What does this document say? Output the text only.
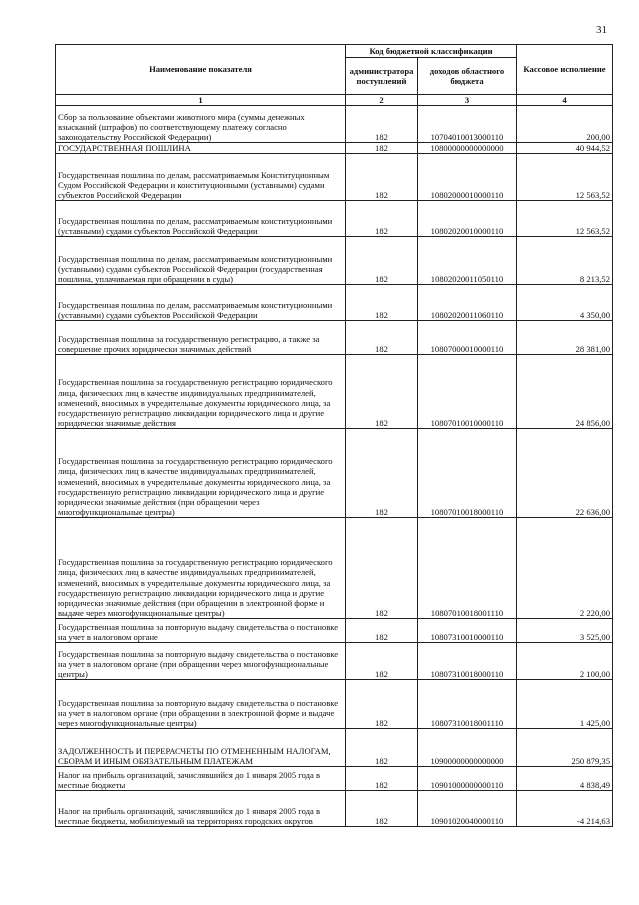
31
Наименование показателя	Код бюджетной классификации		Кассовое исполнение
	администратора поступлений	доходов областного бюджета	
1	2	3	4
Сбор за пользование объектами животного мира (суммы денежных взысканий (штрафов) по соответствующему платежу согласно законодательству Российской Федерации)	182	10704010013000110	200,00
ГОСУДАРСТВЕННАЯ ПОШЛИНА	182	10800000000000000	40 944,52
Государственная пошлина по делам, рассматриваемым Конституционным Судом Российской Федерации и конституционными (уставными) судами субъектов Российской Федерации	182	10802000010000110	12 563,52
Государственная пошлина по делам, рассматриваемым конституционными (уставными) судами субъектов Российской Федерации	182	10802020010000110	12 563,52
Государственная пошлина по делам, рассматриваемым конституционными (уставными) судами субъектов Российской Федерации (государственная пошлина, уплачиваемая при обращении в суды)	182	10802020011050110	8 213,52
Государственная пошлина по делам, рассматриваемым конституционными (уставными) судами субъектов Российской Федерации	182	10802020011060110	4 350,00
Государственная пошлина за государственную регистрацию, а также за совершение прочих юридически значимых действий	182	10807000010000110	28 381,00
Государственная пошлина за государственную регистрацию юридического лица, физических лиц в качестве индивидуальных предпринимателей, изменений, вносимых в учредительные документы юридического лица, за государственную регистрацию ликвидации юридического лица и другие юридически значимые действия	182	10807010010000110	24 856,00
Государственная пошлина за государственную регистрацию юридического лица, физических лиц в качестве индивидуальных предпринимателей, изменений, вносимых в учредительные документы юридического лица, за государственную регистрацию ликвидации юридического лица и другие юридически значимые действия (при обращении через многофункциональные центры)	182	10807010018000110	22 636,00
Государственная пошлина за государственную регистрацию юридического лица, физических лиц в качестве индивидуальных предпринимателей, изменений, вносимых в учредительные документы юридического лица, за государственную регистрацию ликвидации юридического лица и другие юридически значимые действия (при обращении в электронной форме и выдаче через многофункциональные центры)	182	10807010018001110	2 220,00
Государственная пошлина за повторную выдачу свидетельства о постановке на учет в налоговом органе	182	10807310010000110	3 525,00
Государственная пошлина за повторную выдачу свидетельства о постановке на учет в налоговом органе (при обращении через многофункциональные центры)	182	10807310018000110	2 100,00
Государственная пошлина за повторную выдачу свидетельства о постановке на учет в налоговом органе (при обращении в электронной форме и выдаче через многофункциональные центры)	182	10807310018001110	1 425,00
ЗАДОЛЖЕННОСТЬ И ПЕРЕРАСЧЕТЫ ПО ОТМЕНЕННЫМ НАЛОГАМ, СБОРАМ И ИНЫМ ОБЯЗАТЕЛЬНЫМ ПЛАТЕЖАМ	182	10900000000000000	250 879,35
Налог на прибыль организаций, зачислявшийся до 1 января 2005 года в местные бюджеты	182	10901000000000110	4 838,49
Налог на прибыль организаций, зачислявшийся до 1 января 2005 года в местные бюджеты, мобилизуемый на территориях городских округов	182	10901020040000110	-4 214,63
